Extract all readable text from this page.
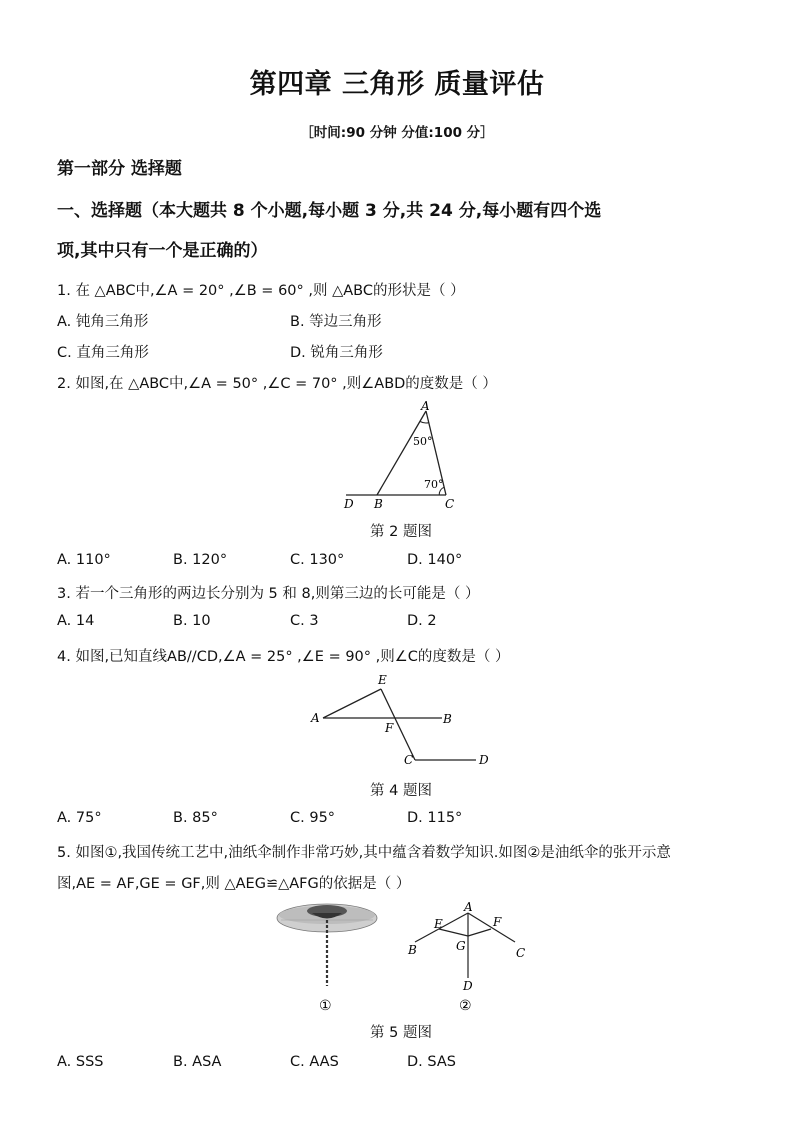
第四章 三角形 质量评估
［时间:90 分钟 分值:100 分］
第一部分 选择题
一、选择题（本大题共 8 个小题,每小题 3 分,共 24 分,每小题有四个选
项,其中只有一个是正确的）
1. 在 △ABC中,∠A = 20° ,∠B = 60° ,则 △ABC的形状是（ ）
A. 钝角三角形	B. 等边三角形
C. 直角三角形	D. 锐角三角形
2. 如图,在 △ABC中,∠A = 50° ,∠C = 70° ,则∠ABD的度数是（ ）
A
B	C
D
50°
70°
第 2 题图
A. 110°	B. 120°	C. 130°	D. 140°
3. 若一个三角形的两边长分别为 5 和 8,则第三边的长可能是（ ）
A. 14	B. 10	C. 3	D. 2
4. 如图,已知直线AB//CD,∠A = 25° ,∠E = 90° ,则∠C的度数是（ ）
A	B
C	D
E
F
第 4 题图
A. 75°	B. 85°	C. 95°	D. 115°
5. 如图①,我国传统工艺中,油纸伞制作非常巧妙,其中蕴含着数学知识.如图②是油纸伞的张开示意
图,AE = AF,GE = GF,则 △AEG≌△AFG的依据是（ ）
①
A
B	C
D
E	F
G
②
第 5 题图
A. SSS	B. ASA	C. AAS	D. SAS
